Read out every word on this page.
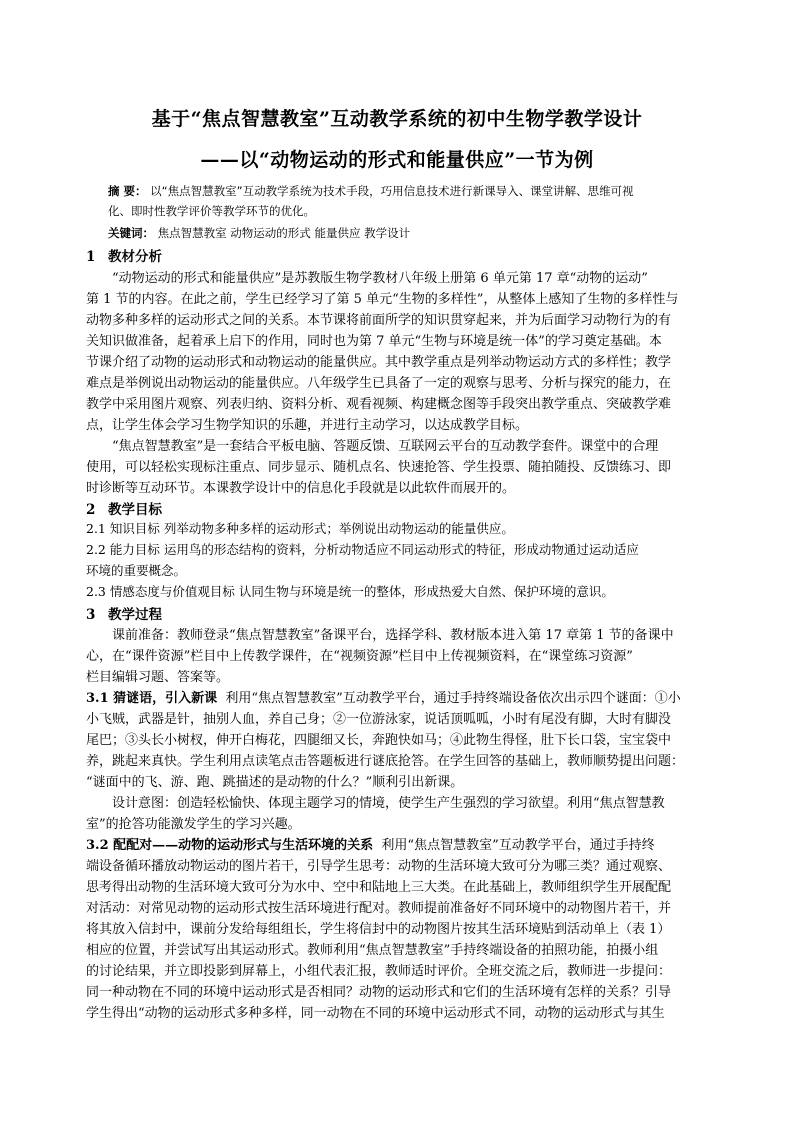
基于“焦点智慧教室”互动教学系统的初中生物学教学设计
——以“动物运动的形式和能量供应”一节为例
摘 要： 以“焦点智慧教室”互动教学系统为技术手段，巧用信息技术进行新课导入、课堂讲解、思维可视
化、即时性教学评价等教学环节的优化。
关键词： 焦点智慧教室 动物运动的形式 能量供应 教学设计
1 教材分析
“动物运动的形式和能量供应”是苏教版生物学教材八年级上册第 6 单元第 17 章“动物的运动”
第 1 节的内容。在此之前，学生已经学习了第 5 单元“生物的多样性”，从整体上感知了生物的多样性与
动物多种多样的运动形式之间的关系。本节课将前面所学的知识贯穿起来，并为后面学习动物行为的有
关知识做准备，起着承上启下的作用，同时也为第 7 单元“生物与环境是统一体”的学习奠定基础。本
节课介绍了动物的运动形式和动物运动的能量供应。其中教学重点是列举动物运动方式的多样性；教学
难点是举例说出动物运动的能量供应。八年级学生已具备了一定的观察与思考、分析与探究的能力，在
教学中采用图片观察、列表归纳、资料分析、观看视频、构建概念图等手段突出教学重点、突破教学难
点，让学生体会学习生物学知识的乐趣，并进行主动学习，以达成教学目标。
“焦点智慧教室”是一套结合平板电脑、答题反馈、互联网云平台的互动教学套件。课堂中的合理
使用，可以轻松实现标注重点、同步显示、随机点名、快速抢答、学生投票、随拍随投、反馈练习、即
时诊断等互动环节。本课教学设计中的信息化手段就是以此软件而展开的。
2 教学目标
2.1 知识目标 列举动物多种多样的运动形式；举例说出动物运动的能量供应。
2.2 能力目标 运用鸟的形态结构的资料，分析动物适应不同运动形式的特征，形成动物通过运动适应
环境的重要概念。
2.3 情感态度与价值观目标 认同生物与环境是统一的整体，形成热爱大自然、保护环境的意识。
3 教学过程
课前准备：教师登录“焦点智慧教室”备课平台，选择学科、教材版本进入第 17 章第 1 节的备课中
心，在“课件资源”栏目中上传教学课件，在“视频资源”栏目中上传视频资料，在“课堂练习资源”
栏目编辑习题、答案等。
3.1 猜谜语，引入新课 利用“焦点智慧教室”互动教学平台，通过手持终端设备依次出示四个谜面：①小
小飞贼，武器是针，抽别人血，养自己身；②一位游泳家，说话顶呱呱，小时有尾没有脚，大时有脚没
尾巴；③头长小树杈，伸开白梅花，四腿细又长，奔跑快如马；④此物生得怪，肚下长口袋，宝宝袋中
养，跳起来真快。学生利用点读笔点击答题板进行谜底抢答。在学生回答的基础上，教师顺势提出问题：
“谜面中的飞、游、跑、跳描述的是动物的什么？”顺利引出新课。
设计意图：创造轻松愉快、体现主题学习的情境，使学生产生强烈的学习欲望。利用“焦点智慧教
室”的抢答功能激发学生的学习兴趣。
3.2 配配对——动物的运动形式与生活环境的关系 利用“焦点智慧教室”互动教学平台，通过手持终
端设备循环播放动物运动的图片若干，引导学生思考：动物的生活环境大致可分为哪三类？通过观察、
思考得出动物的生活环境大致可分为水中、空中和陆地上三大类。在此基础上，教师组织学生开展配配
对活动：对常见动物的运动形式按生活环境进行配对。教师提前准备好不同环境中的动物图片若干，并
将其放入信封中，课前分发给每组组长，学生将信封中的动物图片按其生活环境贴到活动单上（表 1）
相应的位置，并尝试写出其运动形式。教师利用“焦点智慧教室”手持终端设备的拍照功能，拍摄小组
的讨论结果，并立即投影到屏幕上，小组代表汇报，教师适时评价。全班交流之后，教师进一步提问：
同一种动物在不同的环境中运动形式是否相同？动物的运动形式和它们的生活环境有怎样的关系？引导
学生得出“动物的运动形式多种多样，同一动物在不同的环境中运动形式不同，动物的运动形式与其生
